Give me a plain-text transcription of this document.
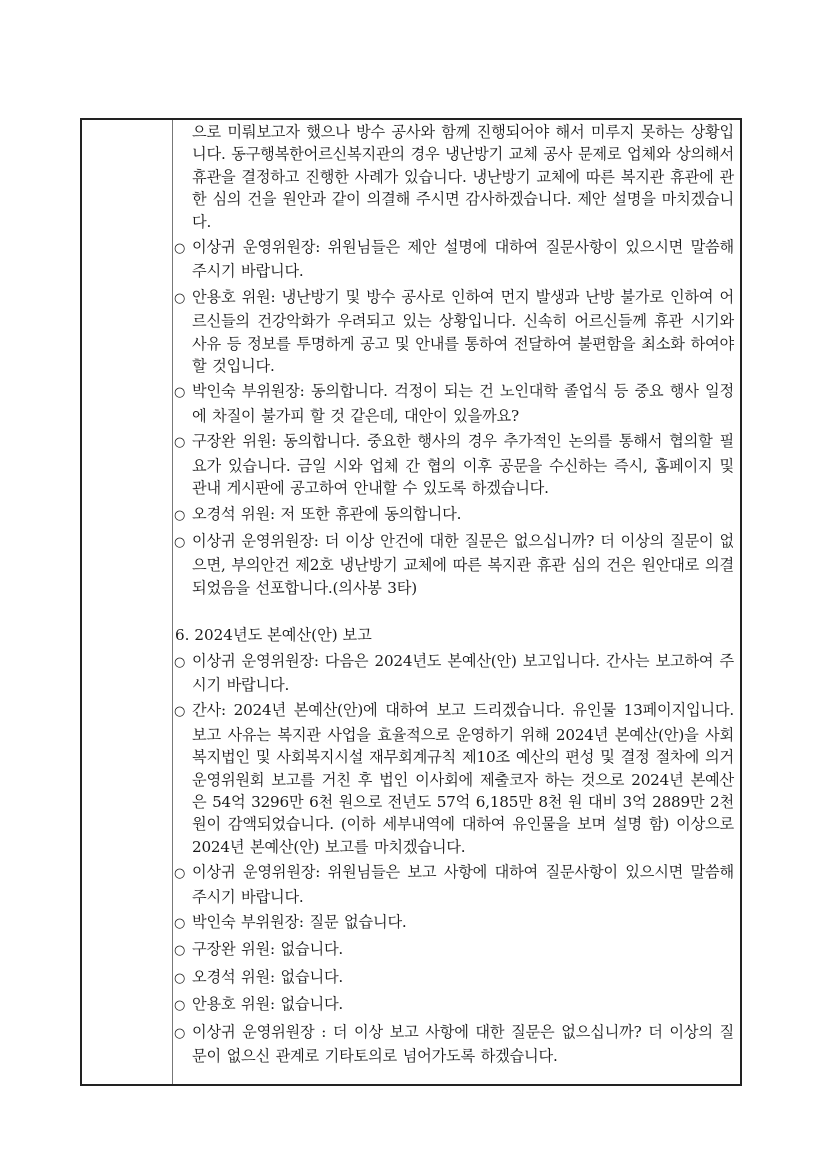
으로 미뤄보고자 했으나 방수 공사와 함께 진행되어야 해서 미루지 못하는 상황입니다. 동구행복한어르신복지관의 경우 냉난방기 교체 공사 문제로 업체와 상의해서 휴관을 결정하고 진행한 사례가 있습니다. 냉난방기 교체에 따른 복지관 휴관에 관한 심의 건을 원안과 같이 의결해 주시면 감사하겠습니다. 제안 설명을 마치겠습니다.

○ 이상귀 운영위원장: 위원님들은 제안 설명에 대하여 질문사항이 있으시면 말씀해 주시기 바랍니다.

○ 안용호 위원: 냉난방기 및 방수 공사로 인하여 먼지 발생과 난방 불가로 인하여 어르신들의 건강악화가 우려되고 있는 상황입니다. 신속히 어르신들께 휴관 시기와 사유 등 정보를 투명하게 공고 및 안내를 통하여 전달하여 불편함을 최소화 하여야 할 것입니다.

○ 박인숙 부위원장: 동의합니다. 걱정이 되는 건 노인대학 졸업식 등 중요 행사 일정에 차질이 불가피 할 것 같은데, 대안이 있을까요?

○ 구장완 위원: 동의합니다. 중요한 행사의 경우 추가적인 논의를 통해서 협의할 필요가 있습니다. 금일 시와 업체 간 협의 이후 공문을 수신하는 즉시, 홈페이지 및 관내 게시판에 공고하여 안내할 수 있도록 하겠습니다.

○ 오경석 위원: 저 또한 휴관에 동의합니다.

○ 이상귀 운영위원장: 더 이상 안건에 대한 질문은 없으십니까? 더 이상의 질문이 없으면, 부의안건 제2호 냉난방기 교체에 따른 복지관 휴관 심의 건은 원안대로 의결되었음을 선포합니다.(의사봉 3타)

6. 2024년도 본예산(안) 보고

○ 이상귀 운영위원장: 다음은 2024년도 본예산(안) 보고입니다. 간사는 보고하여 주시기 바랍니다.

○ 간사: 2024년 본예산(안)에 대하여 보고 드리겠습니다. 유인물 13페이지입니다. 보고 사유는 복지관 사업을 효율적으로 운영하기 위해 2024년 본예산(안)을 사회복지법인 및 사회복지시설 재무회계규칙 제10조 예산의 편성 및 결정 절차에 의거 운영위원회 보고를 거친 후 법인 이사회에 제출코자 하는 것으로 2024년 본예산은 54억 3296만 6천 원으로 전년도 57억 6,185만 8천 원 대비 3억 2889만 2천 원이 감액되었습니다. (이하 세부내역에 대하여 유인물을 보며 설명 함) 이상으로 2024년 본예산(안) 보고를 마치겠습니다.

○ 이상귀 운영위원장: 위원님들은 보고 사항에 대하여 질문사항이 있으시면 말씀해 주시기 바랍니다.

○ 박인숙 부위원장: 질문 없습니다.

○ 구장완 위원: 없습니다.

○ 오경석 위원: 없습니다.

○ 안용호 위원: 없습니다.

○ 이상귀 운영위원장 : 더 이상 보고 사항에 대한 질문은 없으십니까? 더 이상의 질문이 없으신 관계로 기타토의로 넘어가도록 하겠습니다.
